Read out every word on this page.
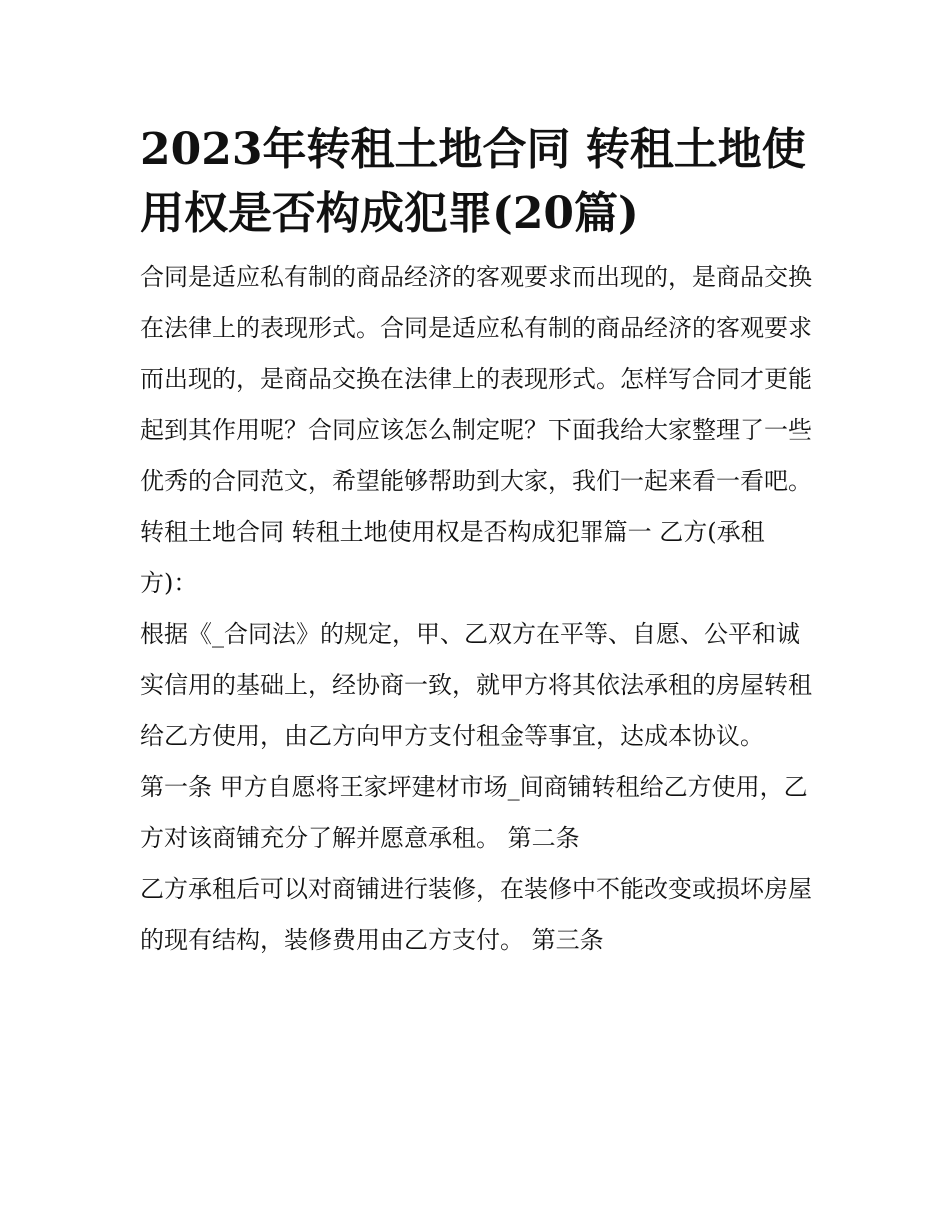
2023年转租土地合同 转租土地使用权是否构成犯罪(20篇)

合同是适应私有制的商品经济的客观要求而出现的，是商品交换在法律上的表现形式。合同是适应私有制的商品经济的客观要求而出现的，是商品交换在法律上的表现形式。怎样写合同才更能起到其作用呢？合同应该怎么制定呢？下面我给大家整理了一些优秀的合同范文，希望能够帮助到大家，我们一起来看一看吧。

转租土地合同 转租土地使用权是否构成犯罪篇一 乙方(承租方)：

根据《_合同法》的规定，甲、乙双方在平等、自愿、公平和诚实信用的基础上，经协商一致，就甲方将其依法承租的房屋转租给乙方使用，由乙方向甲方支付租金等事宜，达成本协议。

第一条 甲方自愿将王家坪建材市场_间商铺转租给乙方使用，乙方对该商铺充分了解并愿意承租。 第二条

乙方承租后可以对商铺进行装修，在装修中不能改变或损坏房屋的现有结构，装修费用由乙方支付。 第三条
